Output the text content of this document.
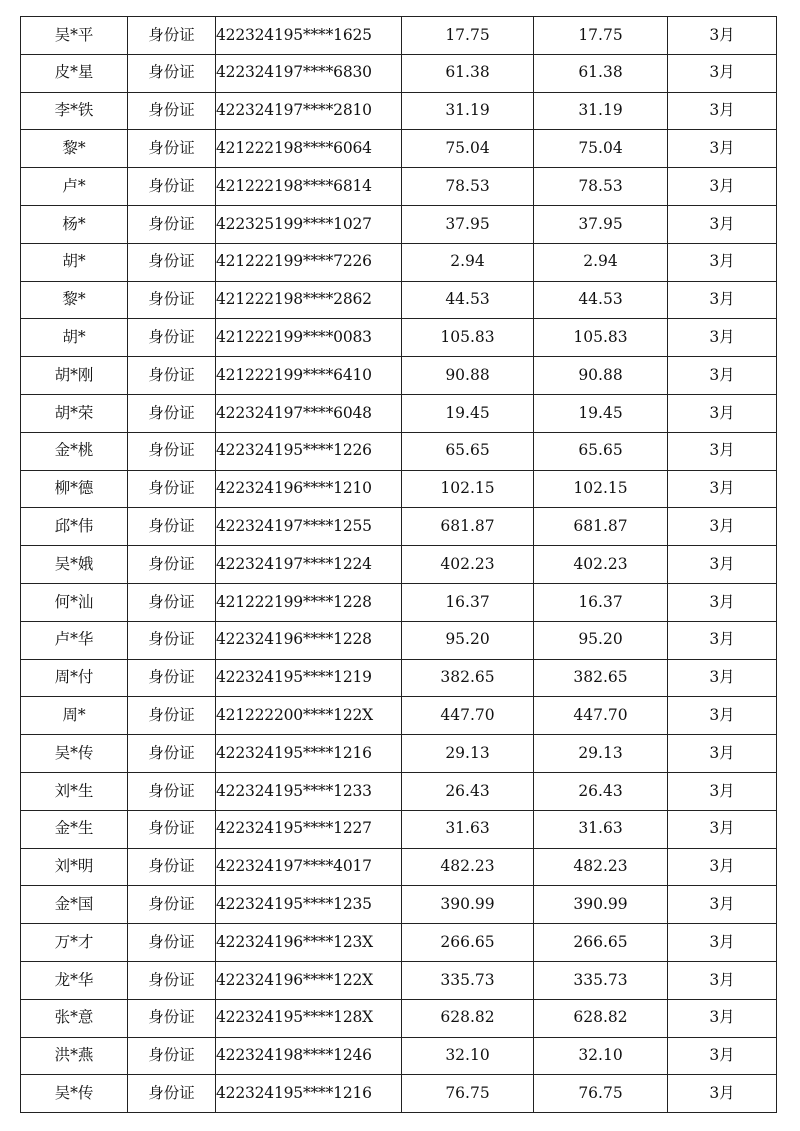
吴*平	身份证	422324195****1625	17.75	17.75	3月
皮*星	身份证	422324197****6830	61.38	61.38	3月
李*铁	身份证	422324197****2810	31.19	31.19	3月
黎*	身份证	421222198****6064	75.04	75.04	3月
卢*	身份证	421222198****6814	78.53	78.53	3月
杨*	身份证	422325199****1027	37.95	37.95	3月
胡*	身份证	421222199****7226	2.94	2.94	3月
黎*	身份证	421222198****2862	44.53	44.53	3月
胡*	身份证	421222199****0083	105.83	105.83	3月
胡*刚	身份证	421222199****6410	90.88	90.88	3月
胡*荣	身份证	422324197****6048	19.45	19.45	3月
金*桃	身份证	422324195****1226	65.65	65.65	3月
柳*德	身份证	422324196****1210	102.15	102.15	3月
邱*伟	身份证	422324197****1255	681.87	681.87	3月
吴*娥	身份证	422324197****1224	402.23	402.23	3月
何*汕	身份证	421222199****1228	16.37	16.37	3月
卢*华	身份证	422324196****1228	95.20	95.20	3月
周*付	身份证	422324195****1219	382.65	382.65	3月
周*	身份证	421222200****122X	447.70	447.70	3月
吴*传	身份证	422324195****1216	29.13	29.13	3月
刘*生	身份证	422324195****1233	26.43	26.43	3月
金*生	身份证	422324195****1227	31.63	31.63	3月
刘*明	身份证	422324197****4017	482.23	482.23	3月
金*国	身份证	422324195****1235	390.99	390.99	3月
万*才	身份证	422324196****123X	266.65	266.65	3月
龙*华	身份证	422324196****122X	335.73	335.73	3月
张*意	身份证	422324195****128X	628.82	628.82	3月
洪*燕	身份证	422324198****1246	32.10	32.10	3月
吴*传	身份证	422324195****1216	76.75	76.75	3月
